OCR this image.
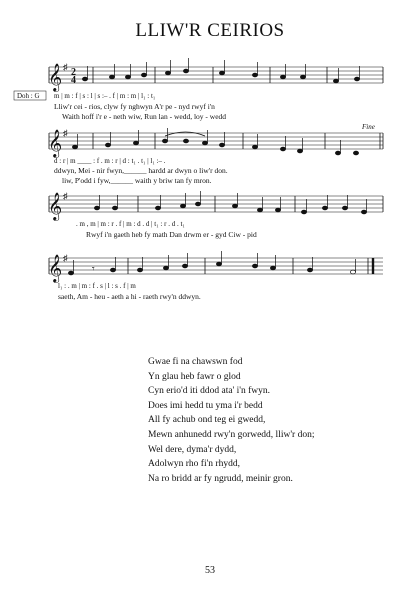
LLIW'R CEIRIOS
𝄞
𝄞
𝄞
𝄞
♯
♯
♯
♯
2
4
𝄾
Doh : G
Fine
m | m : f | s : l | s :– . f | m : m | l₁ : t₁
Lliw'r cei - rios, clyw fy nghwyn A'r pe - nyd rwyf i'n
Waith hoff i'r e - neth wiw, Run lan - wedd, loy - wedd
d : r | m ____ : f . m : r | d : t₁ . t₁ | l₁ :– .
ddwyn, Mei - nir fwyn,______ hardd ar dwyn o liw'r don.
liw, P'odd i fyw,______ waith y briw tan fy mron.
. m , m | m : r . f | m : d . d | t₁ : r . d . t₁
Rwyf i'n gaeth heb fy math Dan drwm er - gyd Ciw - pid
l₁ : . m | m : f . s | l : s . f | m
saeth, Am - heu - aeth a hi - raeth rwy'n ddwyn.
Gwae fi na chawswn fod
Yn glau heb fawr o glod
Cyn erio'd iti ddod ata' i'n fwyn.
Does imi hedd tu yma i'r bedd
All fy achub ond teg ei gwedd,
Mewn anhunedd rwy'n gorwedd, lliw'r don;
Wel dere, dyma'r dydd,
Adolwyn rho fi'n rhydd,
Na ro bridd ar fy ngrudd, meinir gron.
53
